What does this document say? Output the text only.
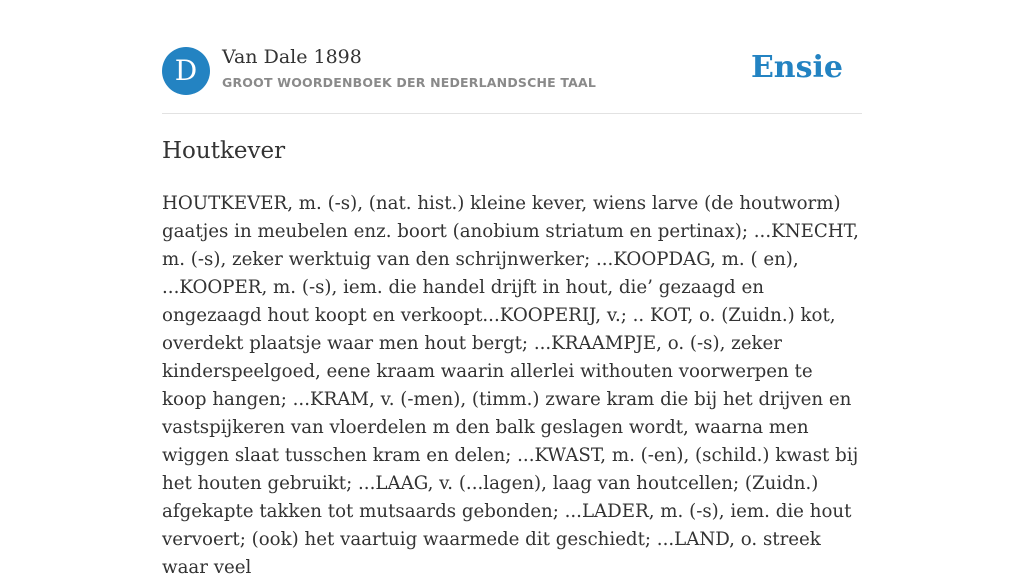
D	Van Dale 1898
GROOT WOORDENBOEK DER NEDERLANDSCHE TAAL	Ensie
Houtkever

HOUTKEVER, m. (-s), (nat. hist.) kleine kever, wiens larve (de houtworm) gaatjes in meubelen enz. boort (anobium striatum en pertinax); ...KNECHT, m. (-s), zeker werktuig van den schrijnwerker; ...KOOPDAG, m. ( en), ...KOOPER, m. (-s), iem. die handel drijft in hout, die’ gezaagd en ongezaagd hout koopt en verkoopt...KOOPERIJ, v.; .. KOT, o. (Zuidn.) kot, overdekt plaatsje waar men hout bergt; ...KRAAMPJE, o. (-s), zeker kinderspeelgoed, eene kraam waarin allerlei withouten voorwerpen te koop hangen; ...KRAM, v. (-men), (timm.) zware kram die bij het drijven en vastspijkeren van vloerdelen m den balk geslagen wordt, waarna men wiggen slaat tusschen kram en delen; ...KWAST, m. (-en), (schild.) kwast bij het houten gebruikt; ...LAAG, v. (...lagen), laag van houtcellen; (Zuidn.) afgekapte takken tot mutsaards gebonden; ...LADER, m. (-s), iem. die hout vervoert; (ook) het vaartuig waarmede dit geschiedt; ...LAND, o. streek waar veel
